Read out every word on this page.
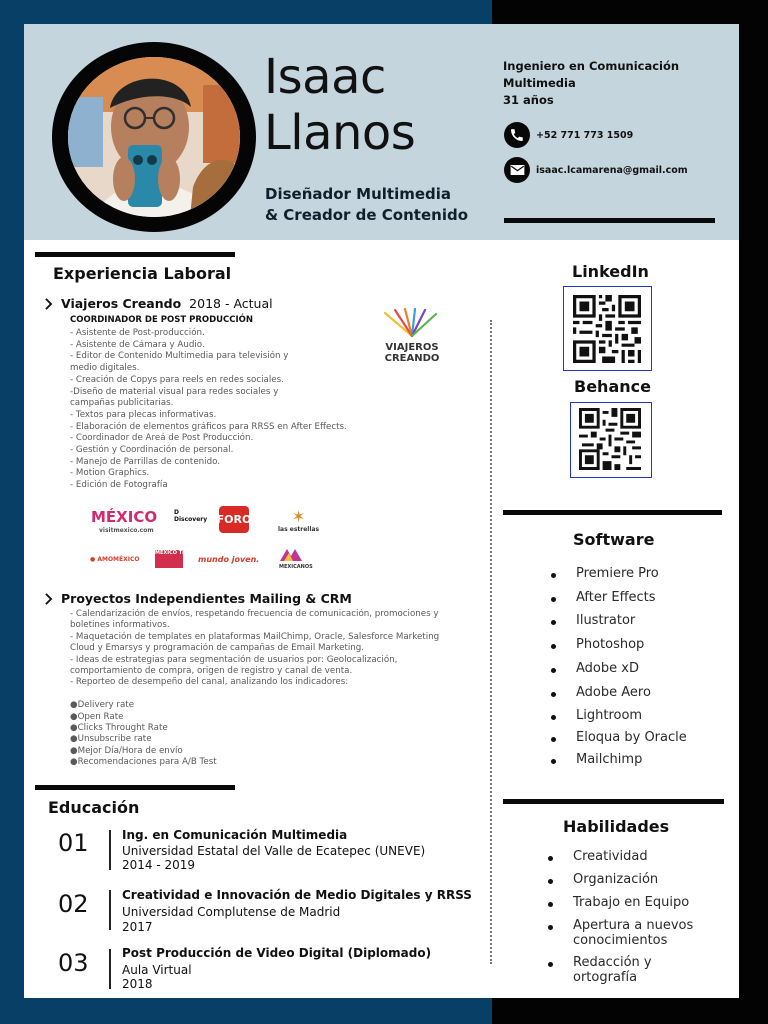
Isaac
Llanos
Diseñador Multimedia
& Creador de Contenido
Ingeniero en Comunicación
Multimedia
31 años
+52 771 773 1509
isaac.lcamarena@gmail.com
Experiencia Laboral
Viajeros Creando 2018 - Actual
COORDINADOR DE POST PRODUCCIÓN
- Asistente de Post-producción.
- Asistente de Cámara y Audio.
- Editor de Contenido Multimedia para televisión y
medio digitales.
- Creación de Copys para reels en redes sociales.
-Diseño de material visual para redes sociales y
campañas publicitarias.
- Textos para plecas informativas.
- Elaboración de elementos gráficos para RRSS en After Effects.
- Coordinador de Areá de Post Producción.
- Gestión y Coordinación de personal.
- Manejo de Parrillas de contenido.
- Motion Graphics.
- Edición de Fotografía
VIAJEROS
CREANDO
MÉXICO
visitmexico.com
D
Discovery FORO	✶
las estrellas
● AMOMÉXICO
MÉXICO TRAVEL
mundo joven.

MEXICANOS
Proyectos Independientes Mailing & CRM
- Calendarización de envíos, respetando frecuencia de comunicación, promociones y
boletines informativos.
- Maquetación de templates en plataformas MailChimp, Oracle, Salesforce Marketing
Cloud y Emarsys y programación de campañas de Email Marketing.
- Ideas de estrategias para segmentación de usuarios por: Geolocalización,
comportamiento de compra, origen de registro y canal de venta.
- Reporteo de desempeño del canal, analizando los indicadores:

●Delivery rate
●Open Rate
●Clicks Throught Rate
●Unsubscribe rate
●Mejor Día/Hora de envío
●Recomendaciones para A/B Test
Educación
01	Ing. en Comunicación Multimedia
Universidad Estatal del Valle de Ecatepec (UNEVE)
2014 - 2019
02	Creatividad e Innovación de Medio Digitales y RRSS
Universidad Complutense de Madrid
2017
03	Post Producción de Video Digital (Diplomado)
Aula Virtual
2018
LinkedIn
Behance
Software
Premiere Pro
After Effects
Ilustrator
Photoshop
Adobe xD
Adobe Aero
Lightroom
Eloqua by Oracle
Mailchimp
Habilidades
Creatividad
Organización
Trabajo en Equipo
Apertura a nuevos conocimientos
Redacción y ortografía
